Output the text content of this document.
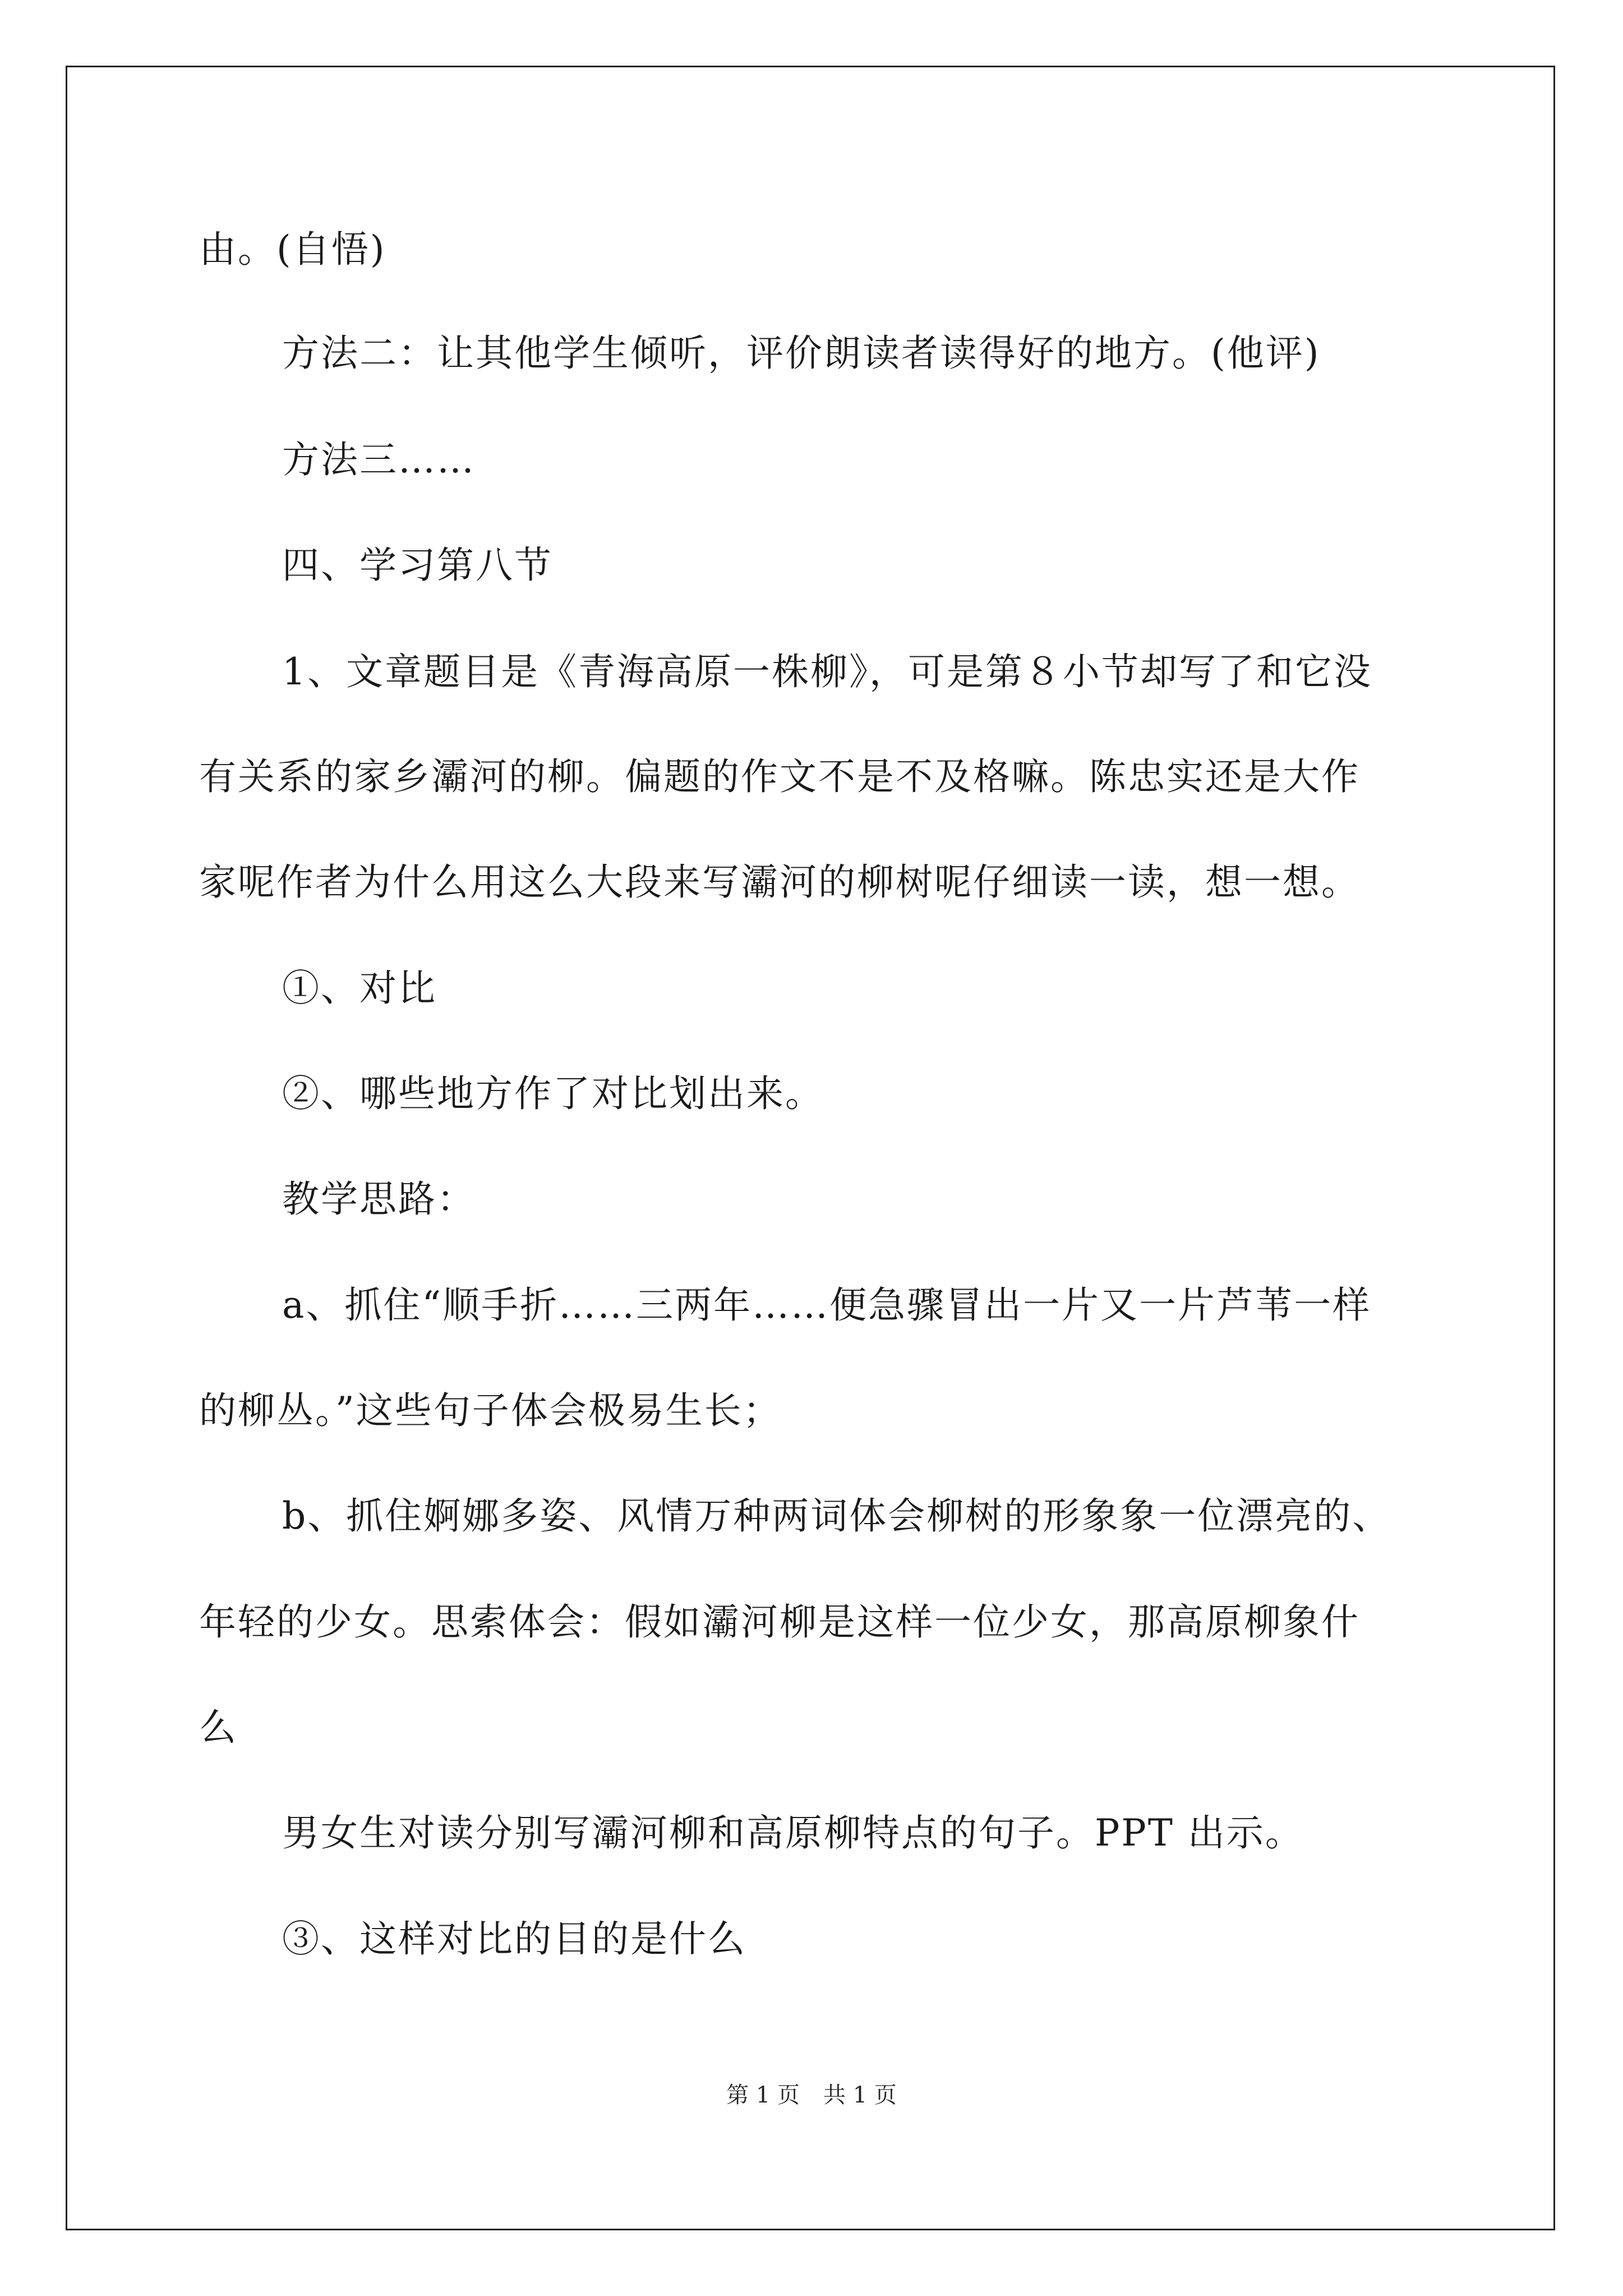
由。(自悟)
方法二：让其他学生倾听，评价朗读者读得好的地方。(他评)
方法三……
四、学习第八节
1、文章题目是《青海高原一株柳》，可是第８小节却写了和它没
有关系的家乡灞河的柳。偏题的作文不是不及格嘛。陈忠实还是大作
家呢作者为什么用这么大段来写灞河的柳树呢仔细读一读，想一想。
①、对比
②、哪些地方作了对比划出来。
教学思路：
a、抓住“顺手折……三两年……便急骤冒出一片又一片芦苇一样
的柳丛。”这些句子体会极易生长；
b、抓住婀娜多姿、风情万种两词体会柳树的形象象一位漂亮的、
年轻的少女。思索体会：假如灞河柳是这样一位少女，那高原柳象什
么
男女生对读分别写灞河柳和高原柳特点的句子。PPT 出示。
③、这样对比的目的是什么
第 1 页 共 1 页
